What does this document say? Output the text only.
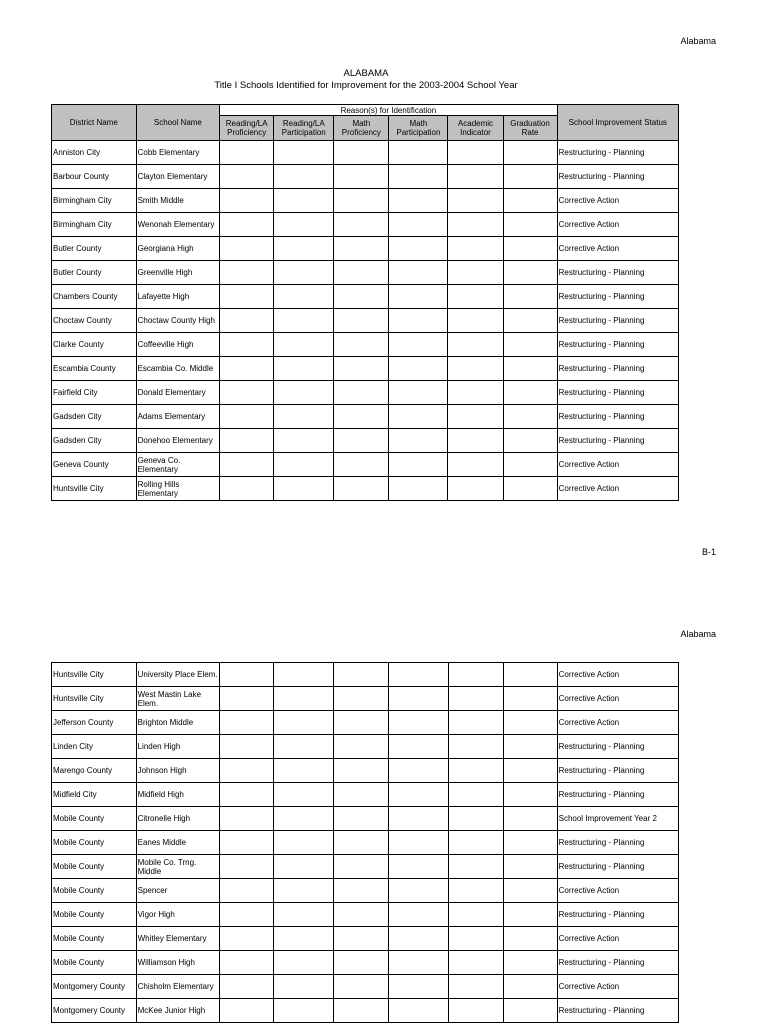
Alabama
ALABAMA
Title I Schools Identified for Improvement for the 2003-2004 School Year
District Name	School Name	Reason(s) for Identification						School Improvement Status
		Reading/LA Proficiency	Reading/LA Participation	Math Proficiency	Math Participation	Academic Indicator	Graduation Rate	
Anniston City	Cobb Elementary							Restructuring - Planning
Barbour County	Clayton Elementary							Restructuring - Planning
Birmingham City	Smith Middle							Corrective Action
Birmingham City	Wenonah Elementary							Corrective Action
Butler County	Georgiana High							Corrective Action
Butler County	Greenville High							Restructuring - Planning
Chambers County	Lafayette High							Restructuring - Planning
Choctaw County	Choctaw County High							Restructuring - Planning
Clarke County	Coffeeville High							Restructuring - Planning
Escambia County	Escambia Co. Middle							Restructuring - Planning
Fairfield City	Donald Elementary							Restructuring - Planning
Gadsden City	Adams Elementary							Restructuring - Planning
Gadsden City	Donehoo Elementary							Restructuring - Planning
Geneva County	Geneva Co. Elementary							Corrective Action
Huntsville City	Rolling Hills Elementary							Corrective Action
B-1
Alabama
Huntsville City	University Place Elem.							Corrective Action
Huntsville City	West Mastin Lake Elem.							Corrective Action
Jefferson County	Brighton Middle							Corrective Action
Linden City	Linden High							Restructuring - Planning
Marengo County	Johnson High							Restructuring - Planning
Midfield City	Midfield High							Restructuring - Planning
Mobile County	Citronelle High							School Improvement Year 2
Mobile County	Eanes Middle							Restructuring - Planning
Mobile County	Mobile Co. Trng. Middle							Restructuring - Planning
Mobile County	Spencer							Corrective Action
Mobile County	Vigor High							Restructuring - Planning
Mobile County	Whitley Elementary							Corrective Action
Mobile County	Williamson High							Restructuring - Planning
Montgomery County	Chisholm Elementary							Corrective Action
Montgomery County	McKee Junior High							Restructuring - Planning
